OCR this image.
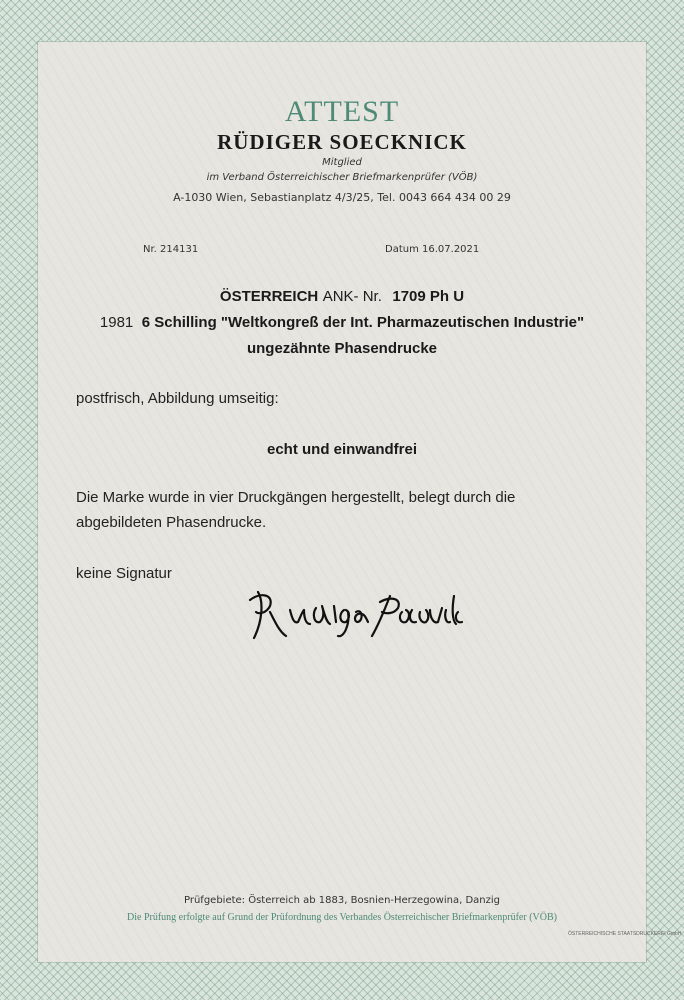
ATTEST
RÜDIGER SOECKNICK
Mitglied
im Verband Österreichischer Briefmarkenprüfer (VÖB)
A-1030 Wien, Sebastianplatz 4/3/25, Tel. 0043 664 434 00 29
Nr. 214131	Datum 16.07.2021
ÖSTERREICH ANK- Nr. 1709 Ph U
1981 6 Schilling "Weltkongreß der Int. Pharmazeutischen Industrie"
ungezähnte Phasendrucke
postfrisch, Abbildung umseitig:
echt und einwandfrei
Die Marke wurde in vier Druckgängen hergestellt, belegt durch die
abgebildeten Phasendrucke.
keine Signatur
Prüfgebiete: Österreich ab 1883, Bosnien-Herzegowina, Danzig
Die Prüfung erfolgte auf Grund der Prüfordnung des Verbandes Österreichischer Briefmarkenprüfer (VÖB)
ÖSTERREICHISCHE STAATSDRUCKEREI GmbH
